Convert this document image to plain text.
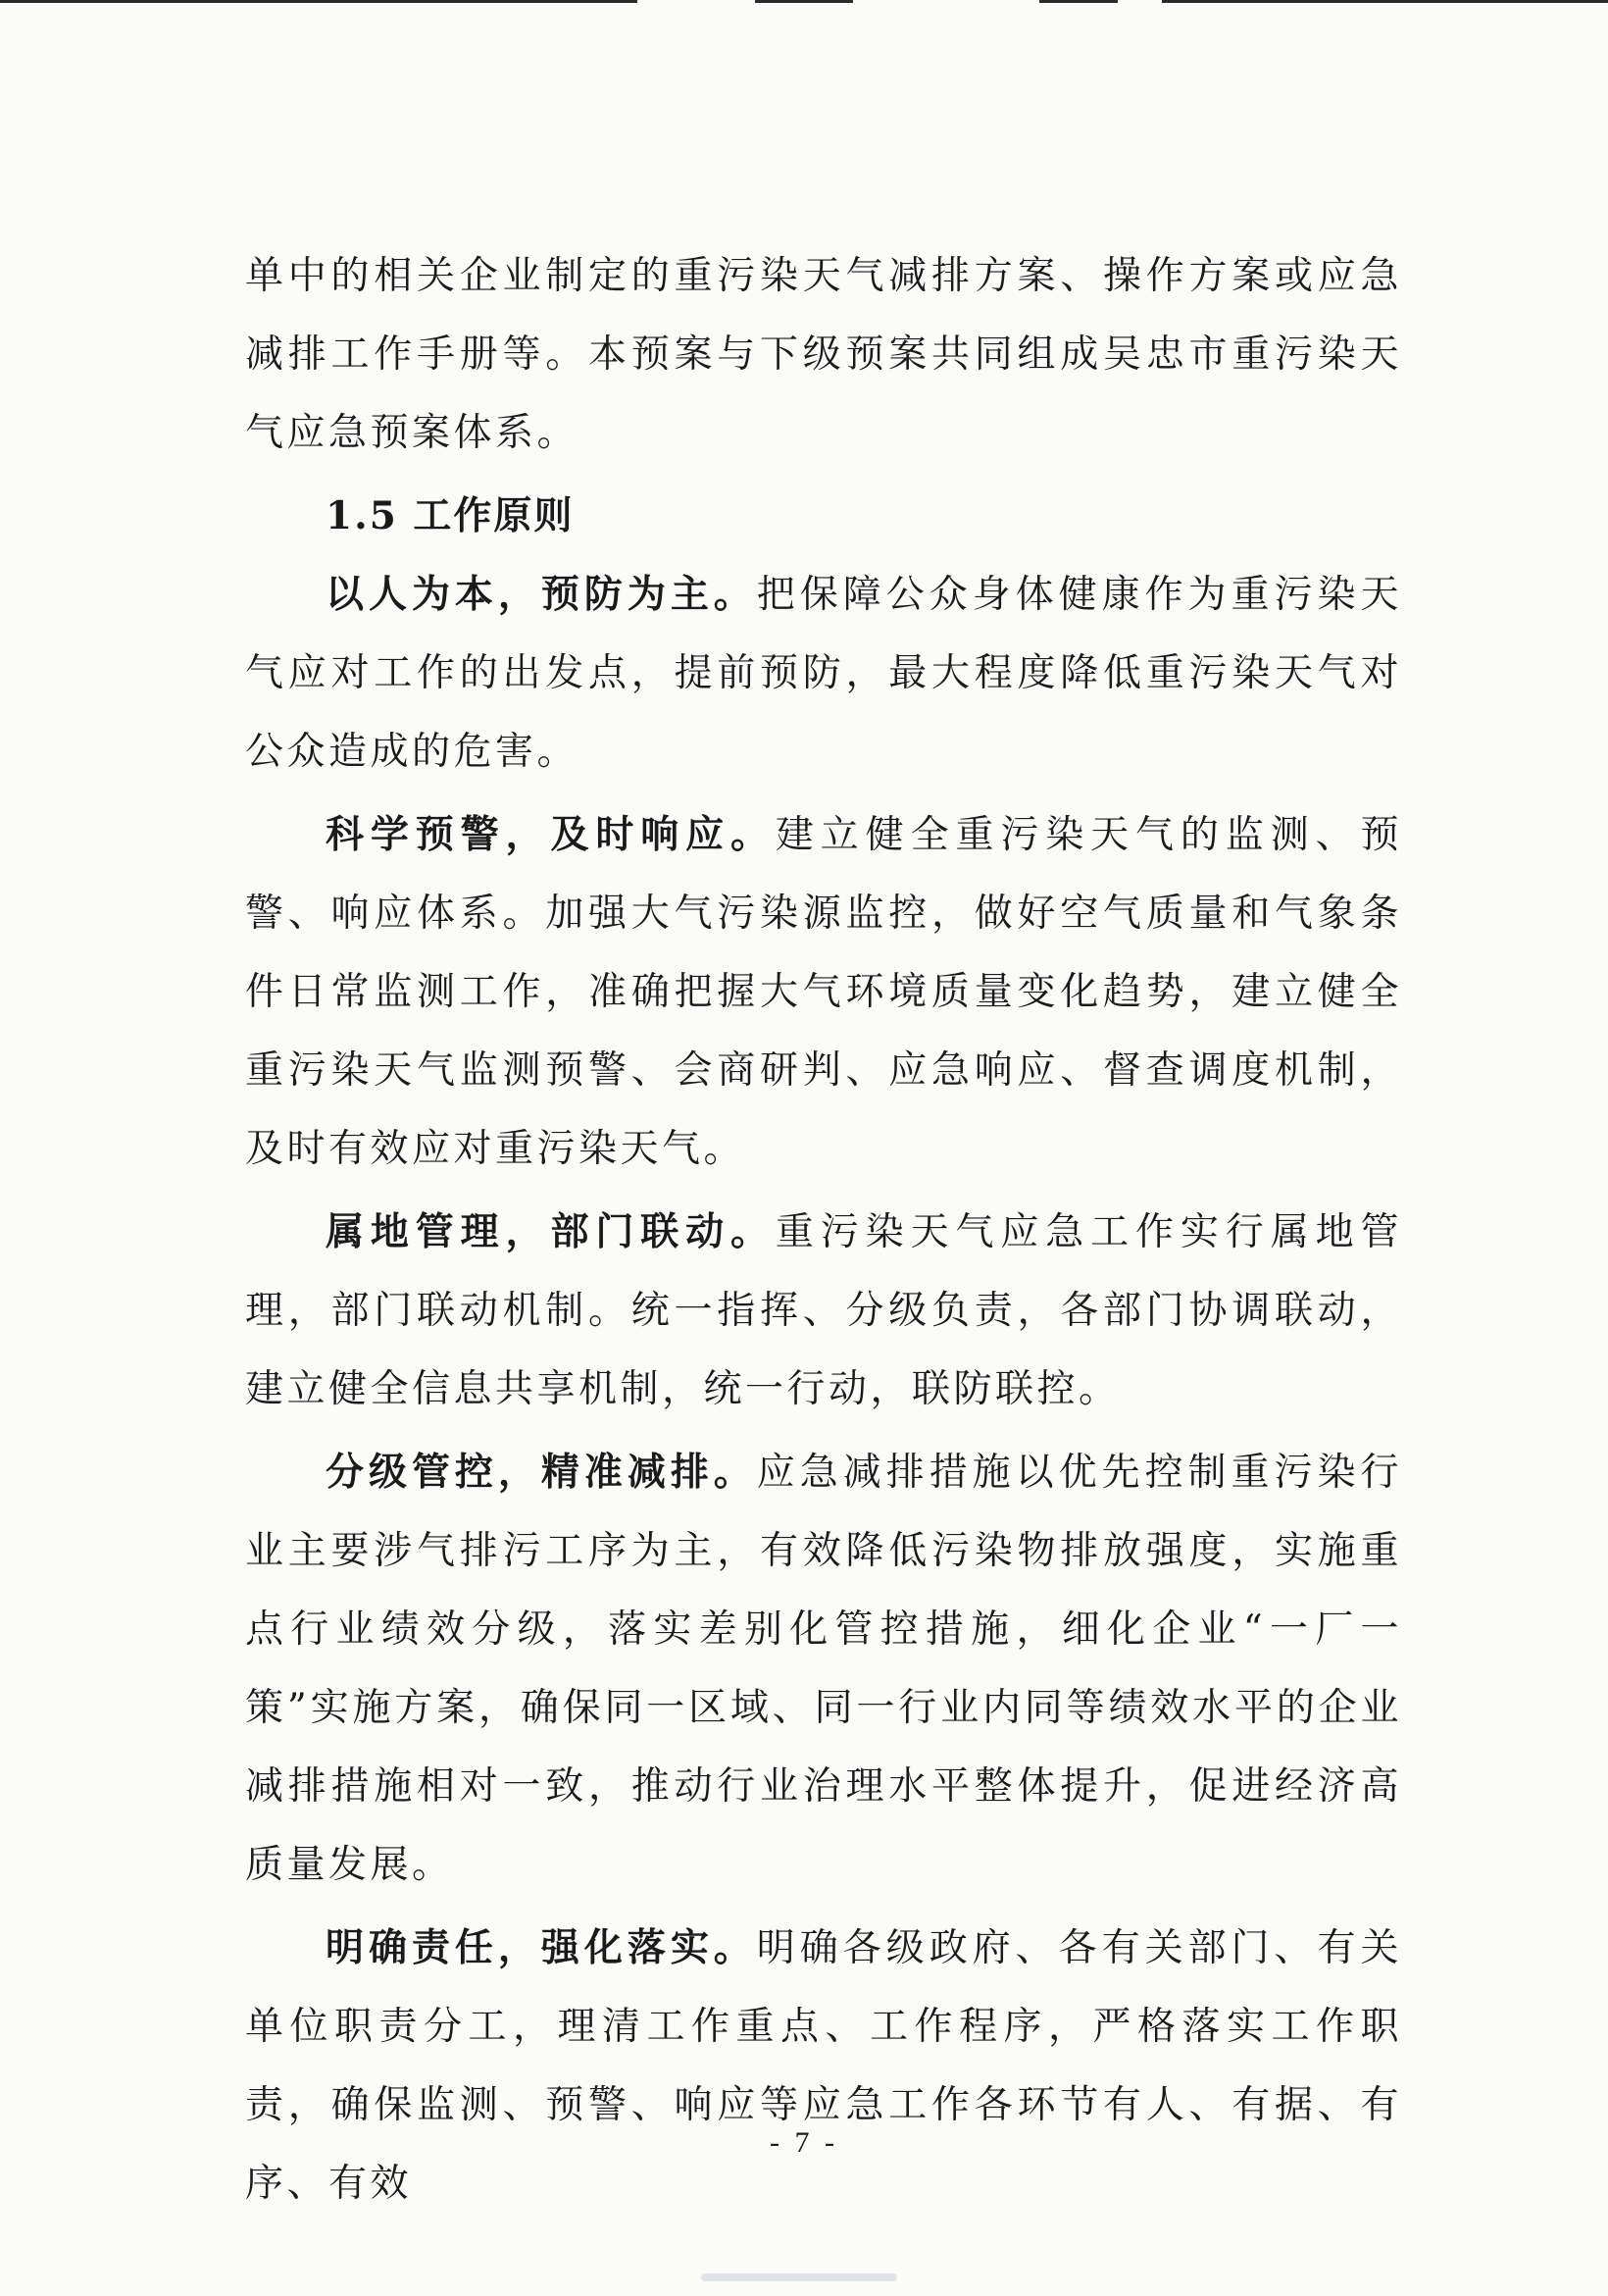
单中的相关企业制定的重污染天气减排方案、操作方案或应急减排工作手册等。本预案与下级预案共同组成吴忠市重污染天气应急预案体系。

1.5 工作原则

以人为本，预防为主。把保障公众身体健康作为重污染天气应对工作的出发点，提前预防，最大程度降低重污染天气对公众造成的危害。

科学预警，及时响应。建立健全重污染天气的监测、预警、响应体系。加强大气污染源监控，做好空气质量和气象条件日常监测工作，准确把握大气环境质量变化趋势，建立健全重污染天气监测预警、会商研判、应急响应、督查调度机制，及时有效应对重污染天气。

属地管理，部门联动。重污染天气应急工作实行属地管理，部门联动机制。统一指挥、分级负责，各部门协调联动，建立健全信息共享机制，统一行动，联防联控。

分级管控，精准减排。应急减排措施以优先控制重污染行业主要涉气排污工序为主，有效降低污染物排放强度，实施重点行业绩效分级，落实差别化管控措施，细化企业“一厂一策”实施方案，确保同一区域、同一行业内同等绩效水平的企业减排措施相对一致，推动行业治理水平整体提升，促进经济高质量发展。

明确责任，强化落实。明确各级政府、各有关部门、有关单位职责分工，理清工作重点、工作程序，严格落实工作职责，确保监测、预警、响应等应急工作各环节有人、有据、有序、有效

- 7 -
